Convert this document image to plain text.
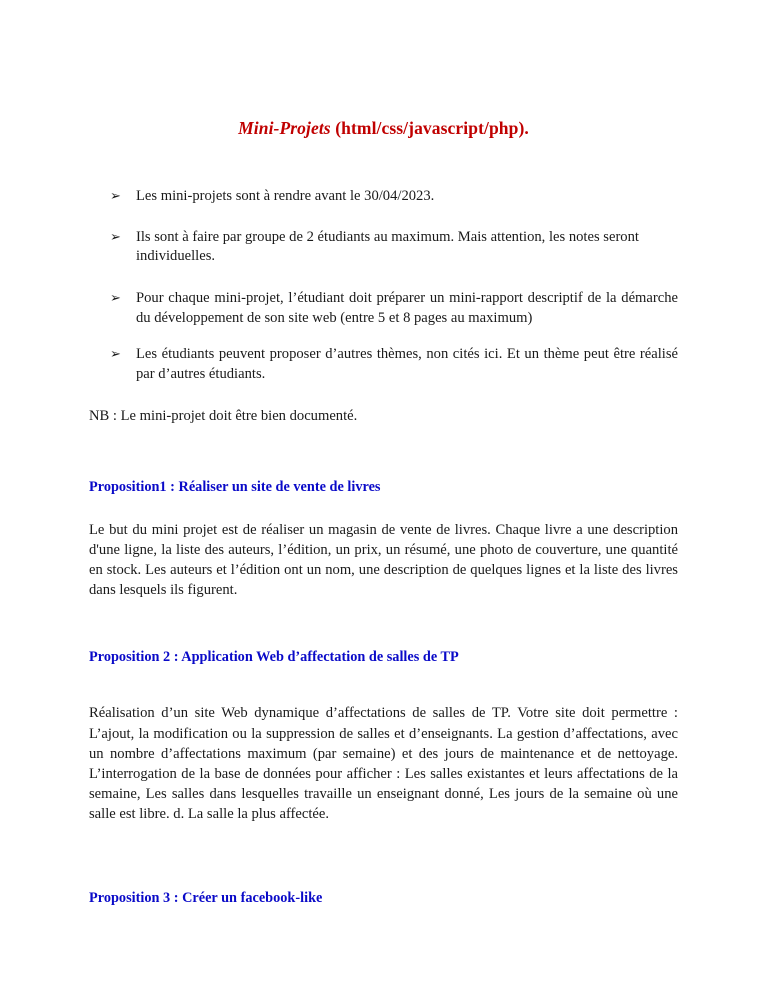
Mini-Projets (html/css/javascript/php).
➢ Les mini-projets sont à rendre avant le 30/04/2023.
➢ Ils sont à faire par groupe de 2 étudiants au maximum. Mais attention, les notes seront individuelles.
➢ Pour chaque mini-projet, l’étudiant doit préparer un mini-rapport descriptif de la démarche du développement de son site web (entre 5 et 8 pages au maximum)
➢ Les étudiants peuvent proposer d’autres thèmes, non cités ici. Et un thème peut être réalisé par d’autres étudiants.

NB : Le mini-projet doit être bien documenté.

Proposition1 : Réaliser un site de vente de livres

Le but du mini projet est de réaliser un magasin de vente de livres. Chaque livre a une description d'une ligne, la liste des auteurs, l’édition, un prix, un résumé, une photo de couverture, une quantité en stock. Les auteurs et l’édition ont un nom, une description de quelques lignes et la liste des livres dans lesquels ils figurent.

Proposition 2 : Application Web d’affectation de salles de TP

Réalisation d’un site Web dynamique d’affectations de salles de TP. Votre site doit permettre : L’ajout, la modification ou la suppression de salles et d’enseignants. La gestion d’affectations, avec un nombre d’affectations maximum (par semaine) et des jours de maintenance et de nettoyage. L’interrogation de la base de données pour afficher : Les salles existantes et leurs affectations de la semaine, Les salles dans lesquelles travaille un enseignant donné, Les jours de la semaine où une salle est libre. d. La salle la plus affectée.

Proposition 3 : Créer un facebook-like
